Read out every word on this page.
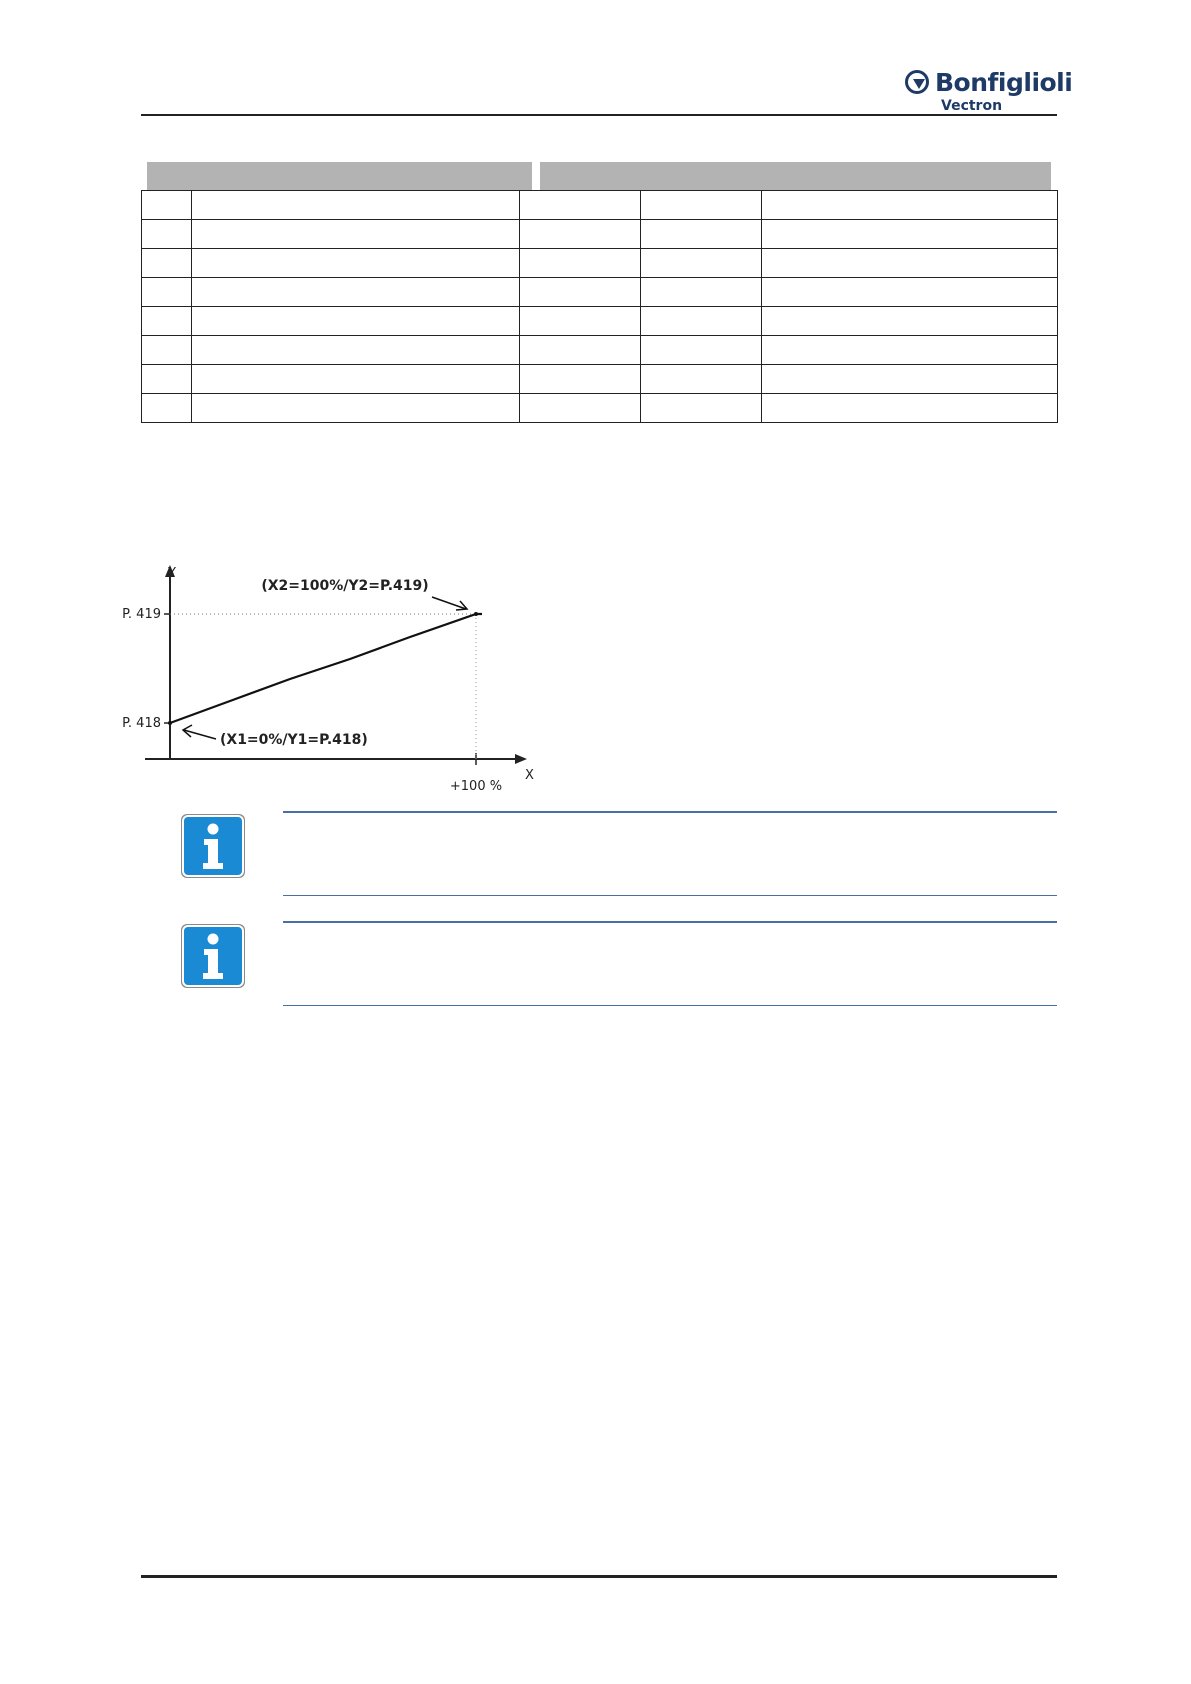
Bonfiglioli
Vectron

Y
X
+100 %
P. 418
P. 419
(X2=100%/Y2=P.419)
(X1=0%/Y1=P.418)
